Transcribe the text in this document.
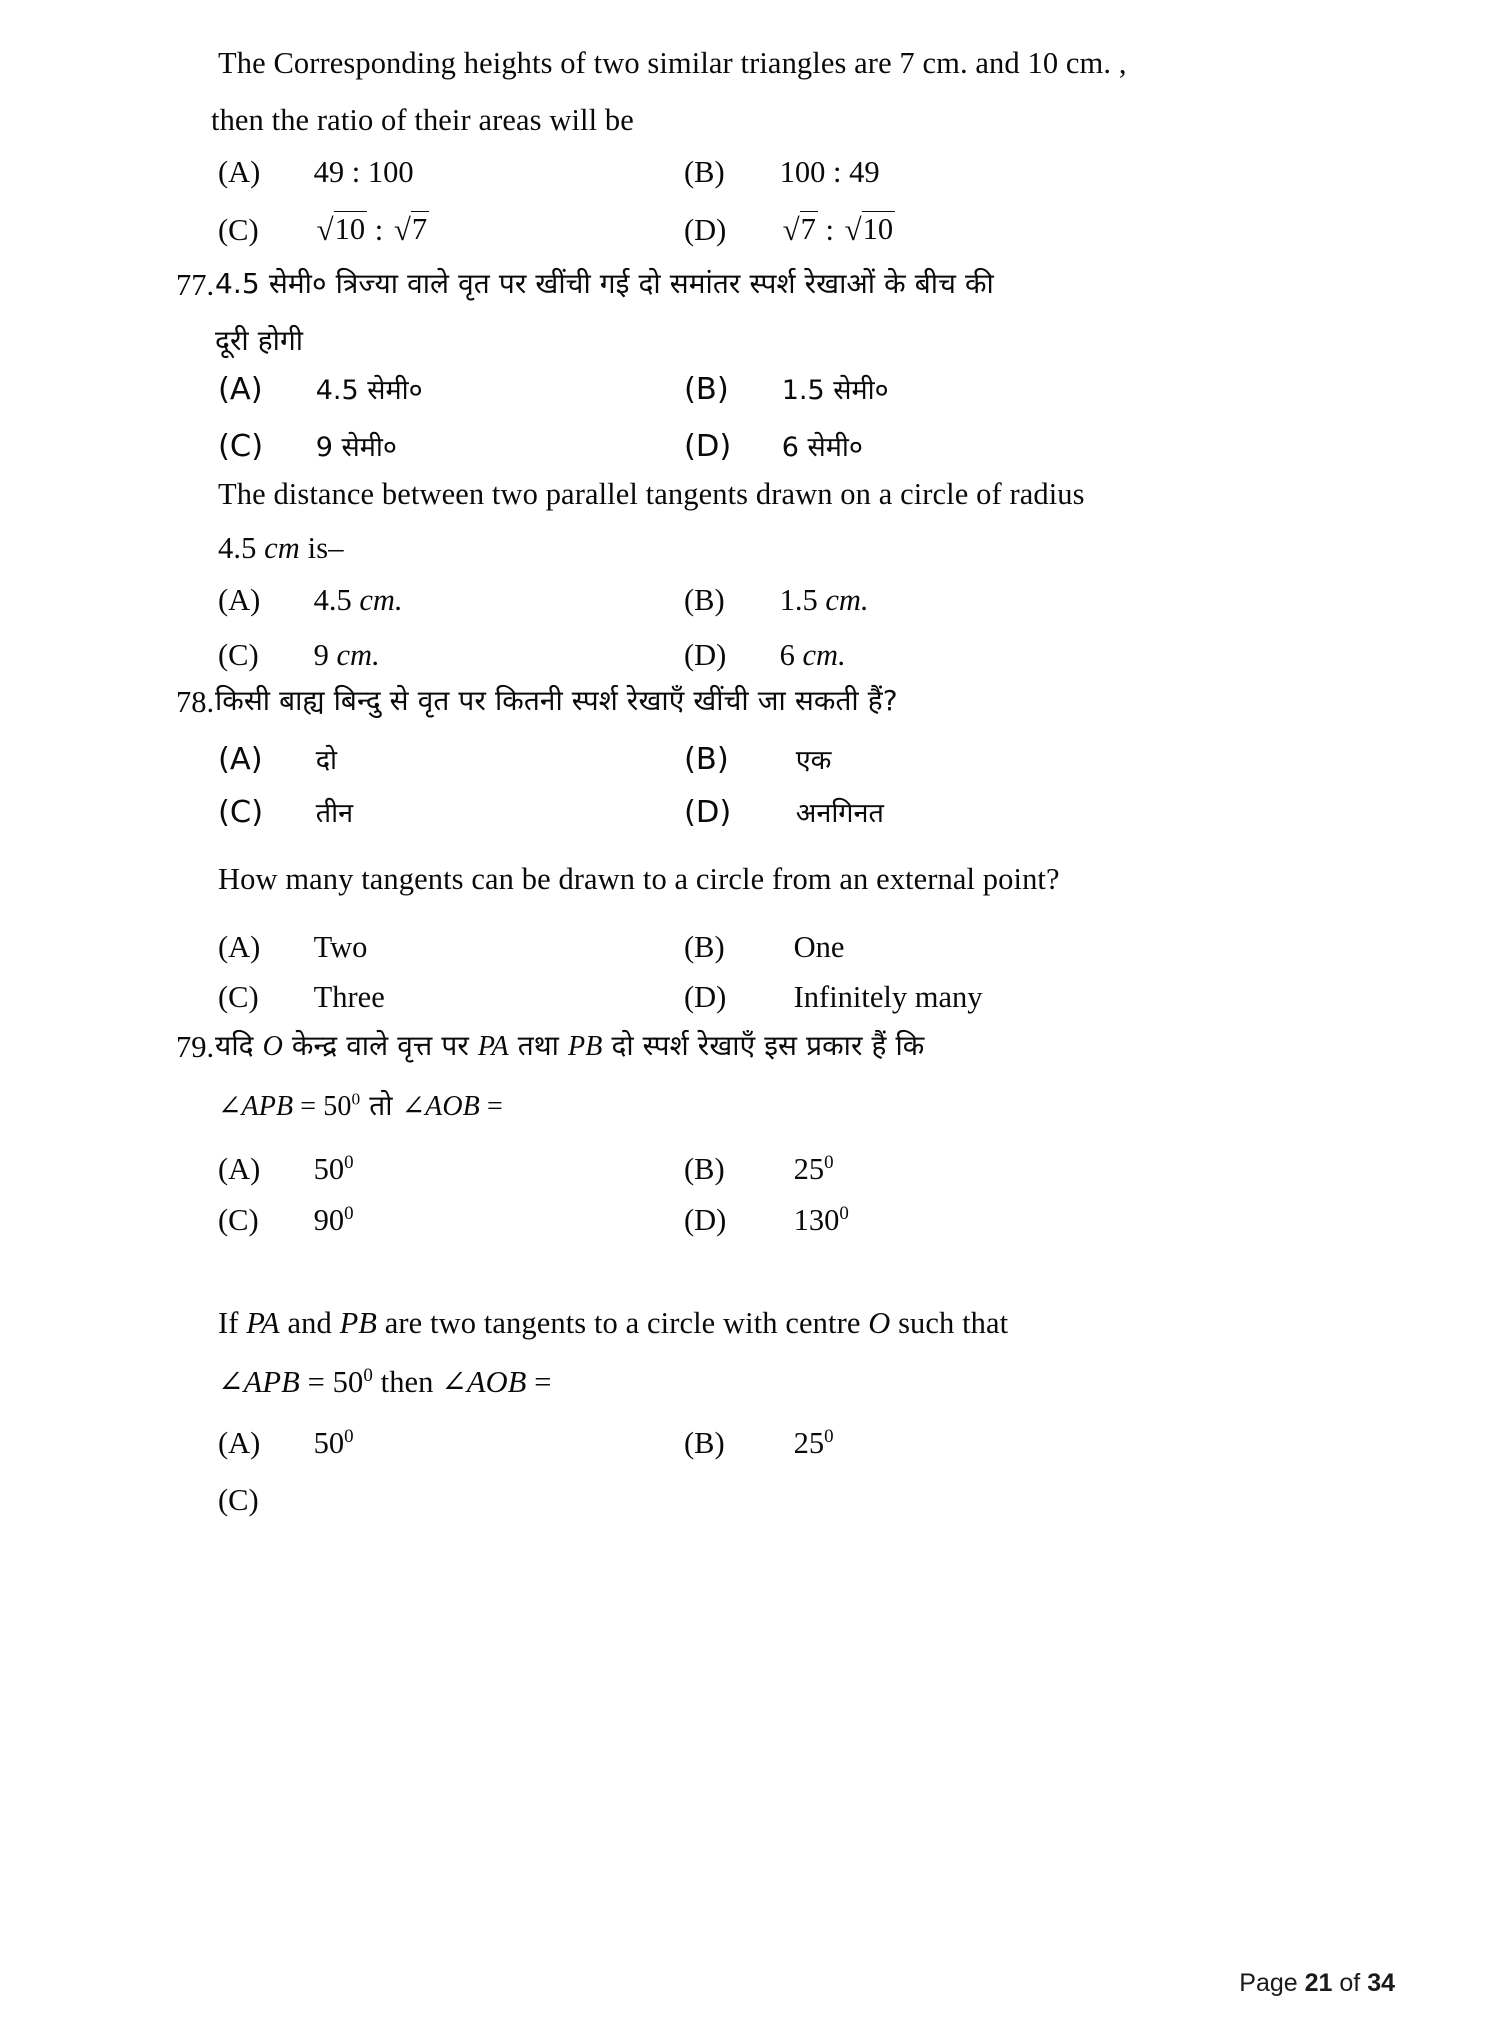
The Corresponding heights of two similar triangles are 7 cm. and 10 cm. ,
then the ratio of their areas will be
(A) 49 : 100	(B) 100 : 49
(C) √10 : √7	(D) √7 : √10
77. 4.5 सेमी० त्रिज्या वाले वृत पर खींची गई दो समांतर स्पर्श रेखाओं के बीच की
दूरी होगी
(A) 4.5 सेमी०	(B) 1.5 सेमी०
(C) 9 सेमी०	(D) 6 सेमी०
The distance between two parallel tangents drawn on a circle of radius
4.5 cm is–
(A) 4.5 cm.	(B) 1.5 cm.
(C) 9 cm.	(D) 6 cm.
78. किसी बाह्य बिन्दु से वृत पर कितनी स्पर्श रेखाएँ खींची जा सकती हैं?
(A) दो	(B) एक
(C) तीन	(D) अनगिनत
How many tangents can be drawn to a circle from an external point?
(A) Two	(B) One
(C) Three	(D) Infinitely many
79. यदि O केन्द्र वाले वृत्त पर PA तथा PB दो स्पर्श रेखाएँ इस प्रकार हैं कि
∠APB = $50^0$ तो ∠AOB =
(A) $50^0$	(B) $25^0$
(C) $90^0$	(D) $130^0$
If PA and PB are two tangents to a circle with centre O such that
∠APB = $50^0$ then ∠AOB =
(A) $50^0$	(B) $25^0$
(C)
Page 21 of 34
